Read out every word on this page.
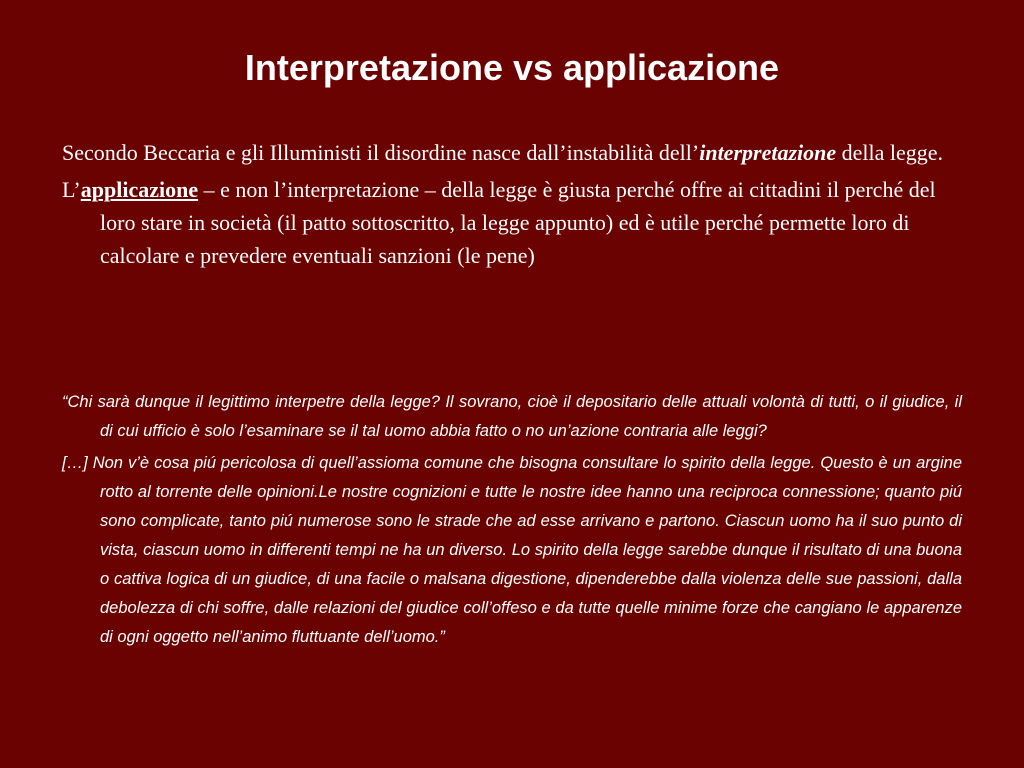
Interpretazione vs applicazione

Secondo Beccaria e gli Illuministi il disordine nasce dall’instabilità dell’interpretazione della legge.

L’applicazione – e non l’interpretazione – della legge è giusta perché offre ai cittadini il perché del loro stare in società (il patto sottoscritto, la legge appunto) ed è utile perché permette loro di calcolare e prevedere eventuali sanzioni (le pene)

“Chi sarà dunque il legittimo interpetre della legge? Il sovrano, cioè il depositario delle attuali volontà di tutti, o il giudice, il di cui ufficio è solo l’esaminare se il tal uomo abbia fatto o no un’azione contraria alle leggi?

[…] Non v’è cosa piú pericolosa di quell’assioma comune che bisogna consultare lo spirito della legge. Questo è un argine rotto al torrente delle opinioni.Le nostre cognizioni e tutte le nostre idee hanno una reciproca connessione; quanto piú sono complicate, tanto piú numerose sono le strade che ad esse arrivano e partono. Ciascun uomo ha il suo punto di vista, ciascun uomo in differenti tempi ne ha un diverso. Lo spirito della legge sarebbe dunque il risultato di una buona o cattiva logica di un giudice, di una facile o malsana digestione, dipenderebbe dalla violenza delle sue passioni, dalla debolezza di chi soffre, dalle relazioni del giudice coll’offeso e da tutte quelle minime forze che cangiano le apparenze di ogni oggetto nell’animo fluttuante dell’uomo.”
